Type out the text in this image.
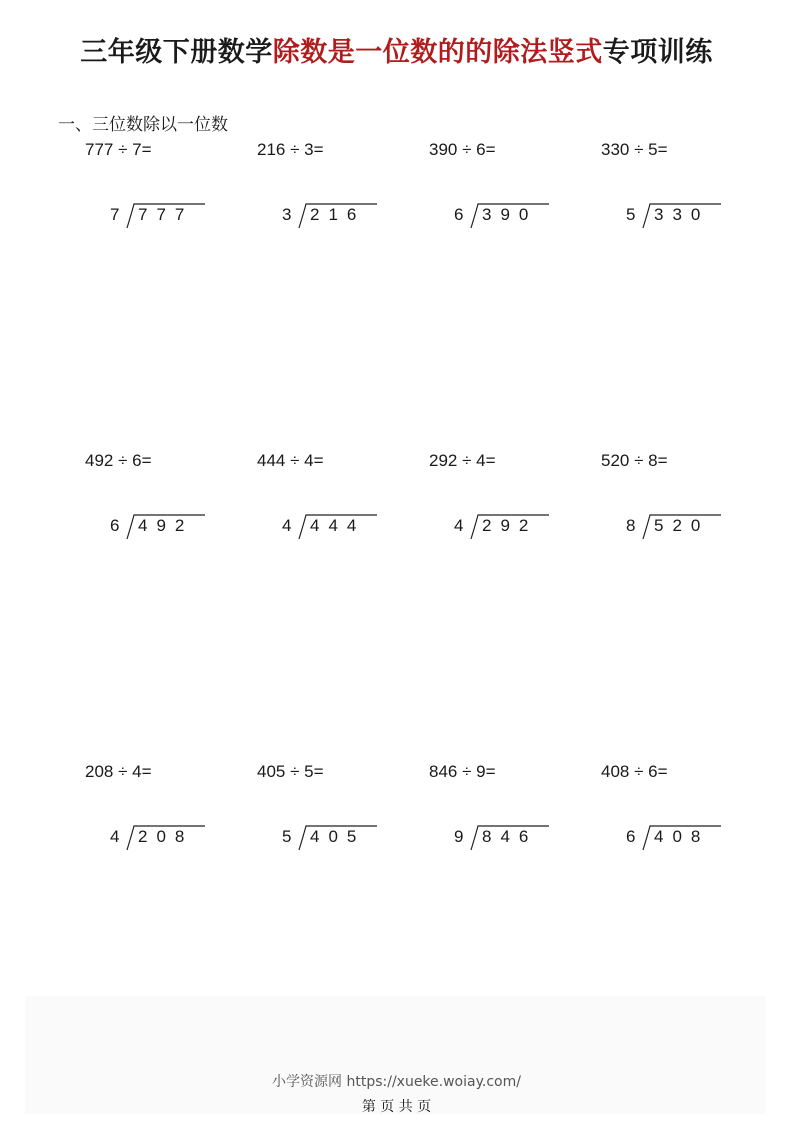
三年级下册数学除数是一位数的的除法竖式专项训练
一、三位数除以一位数
777 ÷ 7=
7 777
216 ÷ 3=
3 216
390 ÷ 6=
6 390
330 ÷ 5=
5 330
492 ÷ 6=
6 492
444 ÷ 4=
4 444
292 ÷ 4=
4 292
520 ÷ 8=
8 520
208 ÷ 4=
4 208
405 ÷ 5=
5 405
846 ÷ 9=
9 846
408 ÷ 6=
6 408
小学资源网 https://xueke.woiay.com/
第 页 共 页
